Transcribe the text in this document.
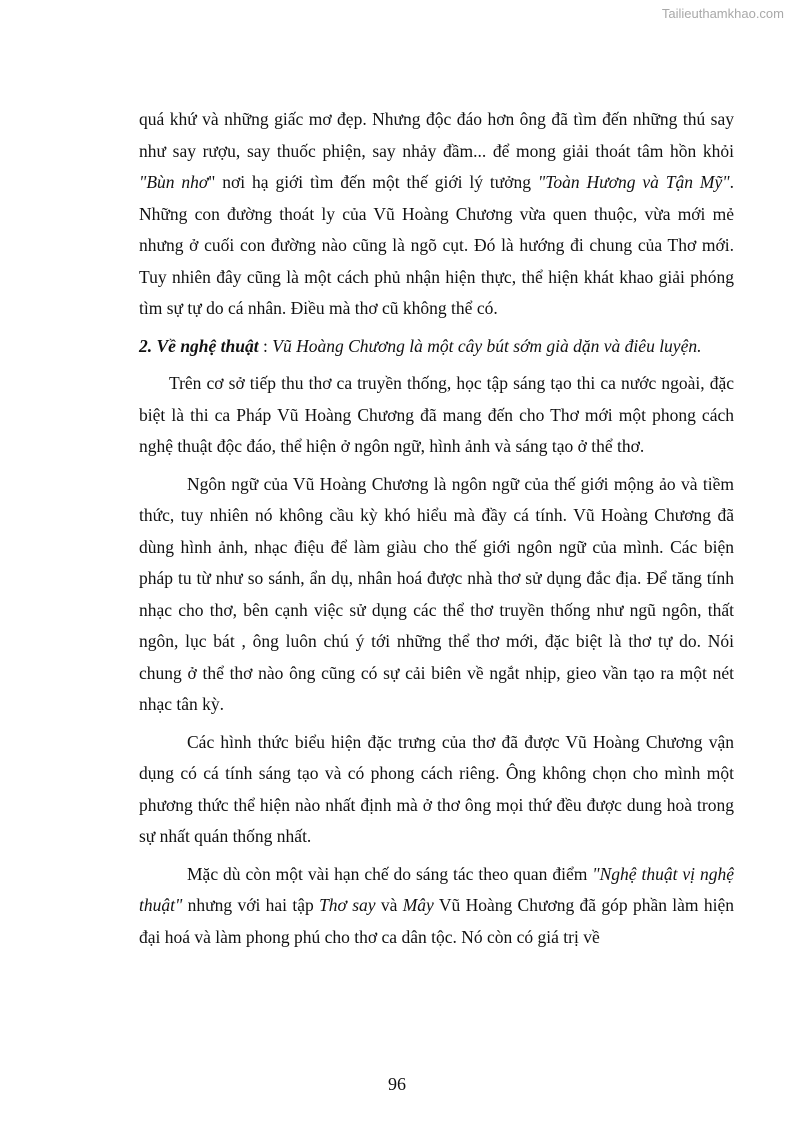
Tailieuthamkhao.com

quá khứ và những giấc mơ đẹp. Nhưng độc đáo hơn ông đã tìm đến những thú say như say rượu, say thuốc phiện, say nhảy đầm... để mong giải thoát tâm hồn khỏi "Bùn nhơ" nơi hạ giới tìm đến một thế giới lý tưởng "Toàn Hương và Tận Mỹ". Những con đường thoát ly của Vũ Hoàng Chương vừa quen thuộc, vừa mới mẻ nhưng ở cuối con đường nào cũng là ngõ cụt. Đó là hướng đi chung của Thơ mới. Tuy nhiên đây cũng là một cách phủ nhận hiện thực, thể hiện khát khao giải phóng tìm sự tự do cá nhân. Điều mà thơ cũ không thể có.

2. Về nghệ thuật : Vũ Hoàng Chương là một cây bút sớm già dặn và điêu luyện.

Trên cơ sở tiếp thu thơ ca truyền thống, học tập sáng tạo thi ca nước ngoài, đặc biệt là thi ca Pháp Vũ Hoàng Chương đã mang đến cho Thơ mới một phong cách nghệ thuật độc đáo, thể hiện ở ngôn ngữ, hình ảnh và sáng tạo ở thể thơ.

Ngôn ngữ của Vũ Hoàng Chương là ngôn ngữ của thế giới mộng ảo và tiềm thức, tuy nhiên nó không cầu kỳ khó hiểu mà đầy cá tính. Vũ Hoàng Chương đã dùng hình ảnh, nhạc điệu để làm giàu cho thế giới ngôn ngữ của mình. Các biện pháp tu từ như so sánh, ẩn dụ, nhân hoá được nhà thơ sử dụng đắc địa. Để tăng tính nhạc cho thơ, bên cạnh việc sử dụng các thể thơ truyền thống như ngũ ngôn, thất ngôn, lục bát , ông luôn chú ý tới những thể thơ mới, đặc biệt là thơ tự do. Nói chung ở thể thơ nào ông cũng có sự cải biên về ngắt nhịp, gieo vần tạo ra một nét nhạc tân kỳ.

Các hình thức biểu hiện đặc trưng của thơ đã được Vũ Hoàng Chương vận dụng có cá tính sáng tạo và có phong cách riêng. Ông không chọn cho mình một phương thức thể hiện nào nhất định mà ở thơ ông mọi thứ đều được dung hoà trong sự nhất quán thống nhất.

Mặc dù còn một vài hạn chế do sáng tác theo quan điểm "Nghệ thuật vị nghệ thuật" nhưng với hai tập Thơ say và Mây Vũ Hoàng Chương đã góp phần làm hiện đại hoá và làm phong phú cho thơ ca dân tộc. Nó còn có giá trị về

96
